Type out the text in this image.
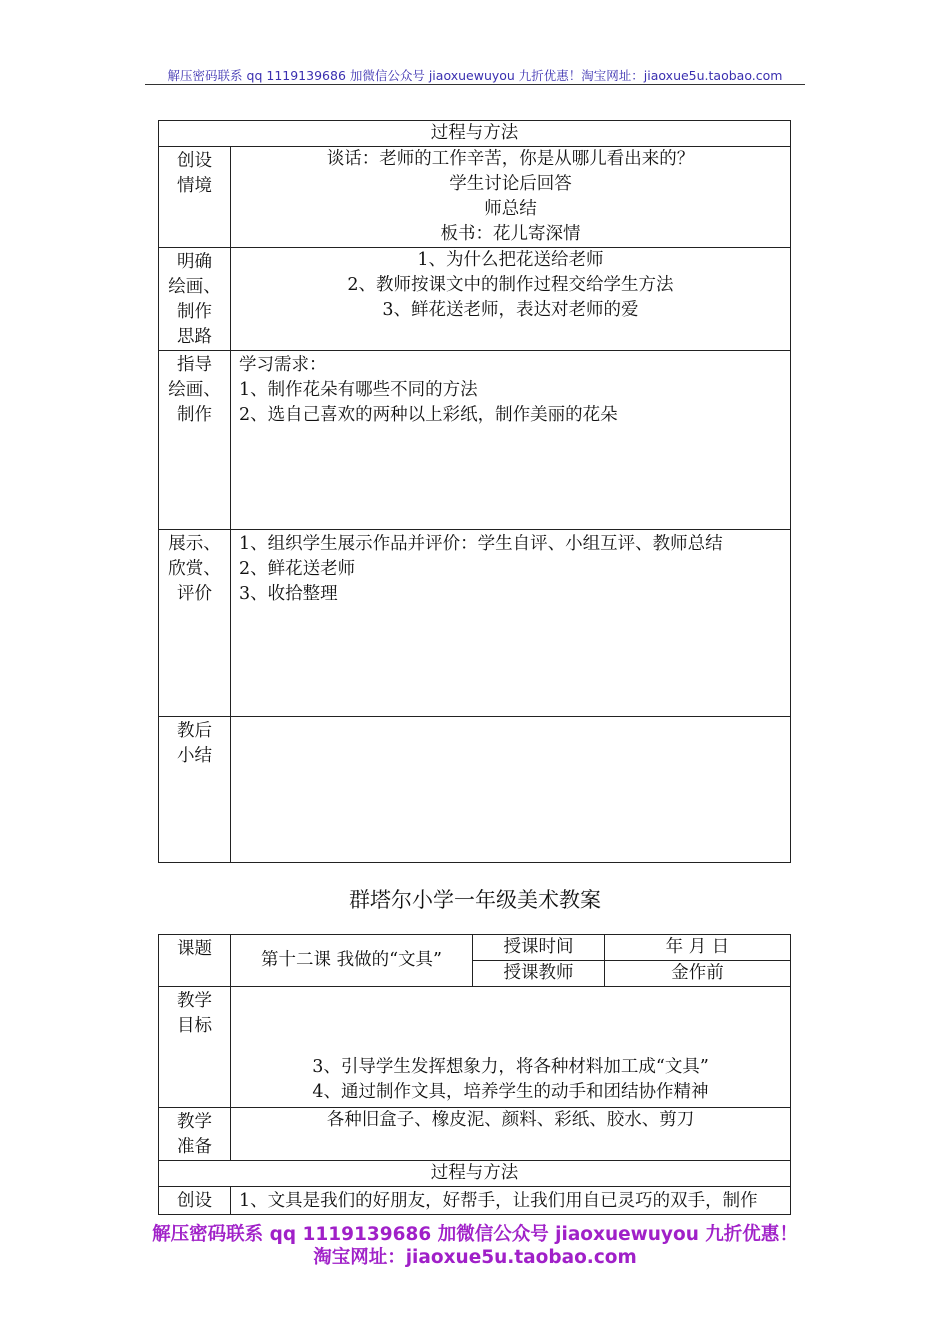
解压密码联系 qq 1119139686 加微信公众号 jiaoxuewuyou 九折优惠！淘宝网址：jiaoxue5u.taobao.com
过程与方法	

创设
情境	谈话：老师的工作辛苦，你是从哪儿看出来的？
学生讨论后回答
师总结
板书：花儿寄深情

明确
绘画、
制作
思路	1、为什么把花送给老师
2、教师按课文中的制作过程交给学生方法
3、鲜花送老师，表达对老师的爱

指导
绘画、
制作	学习需求：
1、制作花朵有哪些不同的方法
2、选自己喜欢的两种以上彩纸，制作美丽的花朵

展示、
欣赏、
评价	1、组织学生展示作品并评价：学生自评、小组互评、教师总结
2、鲜花送老师
3、收拾整理

教后
小结	

群塔尔小学一年级美术教案
课题	第十二课 我做的“文具”	授课时间	年 月 日
		授课教师	金作前

教学
目标	3、引导学生发挥想象力，将各种材料加工成“文具”
4、通过制作文具，培养学生的动手和团结协作精神		

教学
准备	各种旧盒子、橡皮泥、颜料、彩纸、胶水、剪刀		
过程与方法			
创设	1、文具是我们的好朋友，好帮手，让我们用自已灵巧的双手，制作		
解压密码联系 qq 1119139686 加微信公众号 jiaoxuewuyou 九折优惠！
淘宝网址：jiaoxue5u.taobao.com
